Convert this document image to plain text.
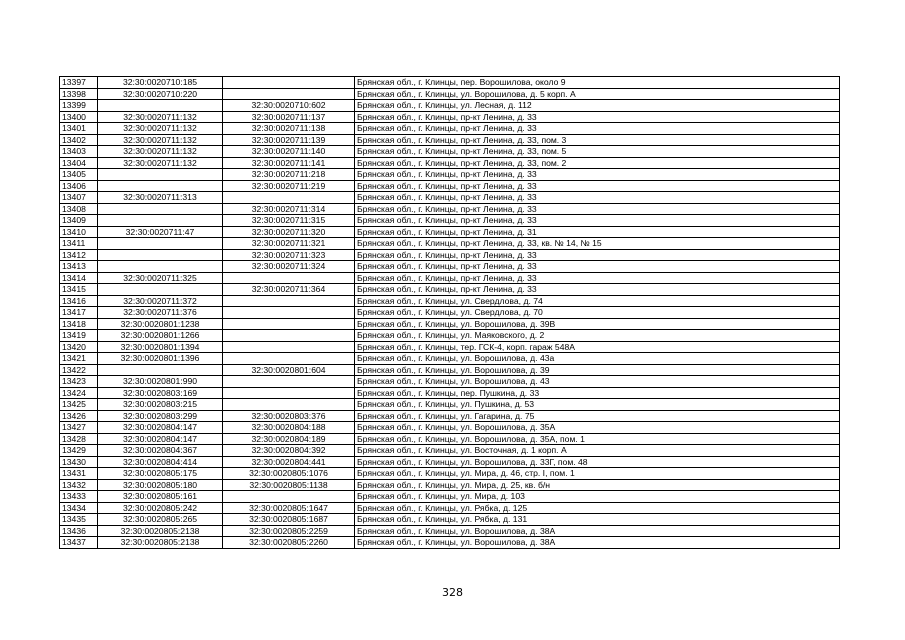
13397	32:30:0020710:185		Брянская обл., г. Клинцы, пер. Ворошилова, около 9
13398	32:30:0020710:220		Брянская обл., г. Клинцы, ул. Ворошилова, д. 5 корп. А
13399		32:30:0020710:602	Брянская обл., г. Клинцы, ул. Лесная, д. 112
13400	32:30:0020711:132	32:30:0020711:137	Брянская обл., г. Клинцы, пр-кт Ленина, д. 33
13401	32:30:0020711:132	32:30:0020711:138	Брянская обл., г. Клинцы, пр-кт Ленина, д. 33
13402	32:30:0020711:132	32:30:0020711:139	Брянская обл., г. Клинцы, пр-кт Ленина, д. 33, пом. 3
13403	32:30:0020711:132	32:30:0020711:140	Брянская обл., г. Клинцы, пр-кт Ленина, д. 33, пом. 5
13404	32:30:0020711:132	32:30:0020711:141	Брянская обл., г. Клинцы, пр-кт Ленина, д. 33, пом. 2
13405		32:30:0020711:218	Брянская обл., г. Клинцы, пр-кт Ленина, д. 33
13406		32:30:0020711:219	Брянская обл., г. Клинцы, пр-кт Ленина, д. 33
13407	32:30:0020711:313		Брянская обл., г. Клинцы, пр-кт Ленина, д. 33
13408		32:30:0020711:314	Брянская обл., г. Клинцы, пр-кт Ленина, д. 33
13409		32:30:0020711:315	Брянская обл., г. Клинцы, пр-кт Ленина, д. 33
13410	32:30:0020711:47	32:30:0020711:320	Брянская обл., г. Клинцы, пр-кт Ленина, д. 31
13411		32:30:0020711:321	Брянская обл., г. Клинцы, пр-кт Ленина, д. 33, кв. № 14, № 15
13412		32:30:0020711:323	Брянская обл., г. Клинцы, пр-кт Ленина, д. 33
13413		32:30:0020711:324	Брянская обл., г. Клинцы, пр-кт Ленина, д. 33
13414	32:30:0020711:325		Брянская обл., г. Клинцы, пр-кт Ленина, д. 33
13415		32:30:0020711:364	Брянская обл., г. Клинцы, пр-кт Ленина, д. 33
13416	32:30:0020711:372		Брянская обл., г. Клинцы, ул. Свердлова, д. 74
13417	32:30:0020711:376		Брянская обл., г. Клинцы, ул. Свердлова, д. 70
13418	32:30:0020801:1238		Брянская обл., г. Клинцы, ул. Ворошилова, д. 39В
13419	32:30:0020801:1266		Брянская обл., г. Клинцы, ул. Маяковского, д. 2
13420	32:30:0020801:1394		Брянская обл., г. Клинцы, тер. ГСК-4, корп. гараж 548А
13421	32:30:0020801:1396		Брянская обл., г. Клинцы, ул. Ворошилова, д. 43а
13422		32:30:0020801:604	Брянская обл., г. Клинцы, ул. Ворошилова, д. 39
13423	32:30:0020801:990		Брянская обл., г. Клинцы, ул. Ворошилова, д. 43
13424	32:30:0020803:169		Брянская обл., г. Клинцы, пер. Пушкина, д. 33
13425	32:30:0020803:215		Брянская обл., г. Клинцы, ул. Пушкина, д. 53
13426	32:30:0020803:299	32:30:0020803:376	Брянская обл., г. Клинцы, ул. Гагарина, д. 75
13427	32:30:0020804:147	32:30:0020804:188	Брянская обл., г. Клинцы, ул. Ворошилова, д. 35А
13428	32:30:0020804:147	32:30:0020804:189	Брянская обл., г. Клинцы, ул. Ворошилова, д. 35А, пом. 1
13429	32:30:0020804:367	32:30:0020804:392	Брянская обл., г. Клинцы, ул. Восточная, д. 1 корп. А
13430	32:30:0020804:414	32:30:0020804:441	Брянская обл., г. Клинцы, ул. Ворошилова, д. 33Г, пом. 48
13431	32:30:0020805:175	32:30:0020805:1076	Брянская обл., г. Клинцы, ул. Мира, д. 46, стр. I, пом. 1
13432	32:30:0020805:180	32:30:0020805:1138	Брянская обл., г. Клинцы, ул. Мира, д. 25, кв. б/н
13433	32:30:0020805:161		Брянская обл., г. Клинцы, ул. Мира, д. 103
13434	32:30:0020805:242	32:30:0020805:1647	Брянская обл., г. Клинцы, ул. Рябка, д. 125
13435	32:30:0020805:265	32:30:0020805:1687	Брянская обл., г. Клинцы, ул. Рябка, д. 131
13436	32:30:0020805:2138	32:30:0020805:2259	Брянская обл., г. Клинцы, ул. Ворошилова, д. 38А
13437	32:30:0020805:2138	32:30:0020805:2260	Брянская обл., г. Клинцы, ул. Ворошилова, д. 38А
328
